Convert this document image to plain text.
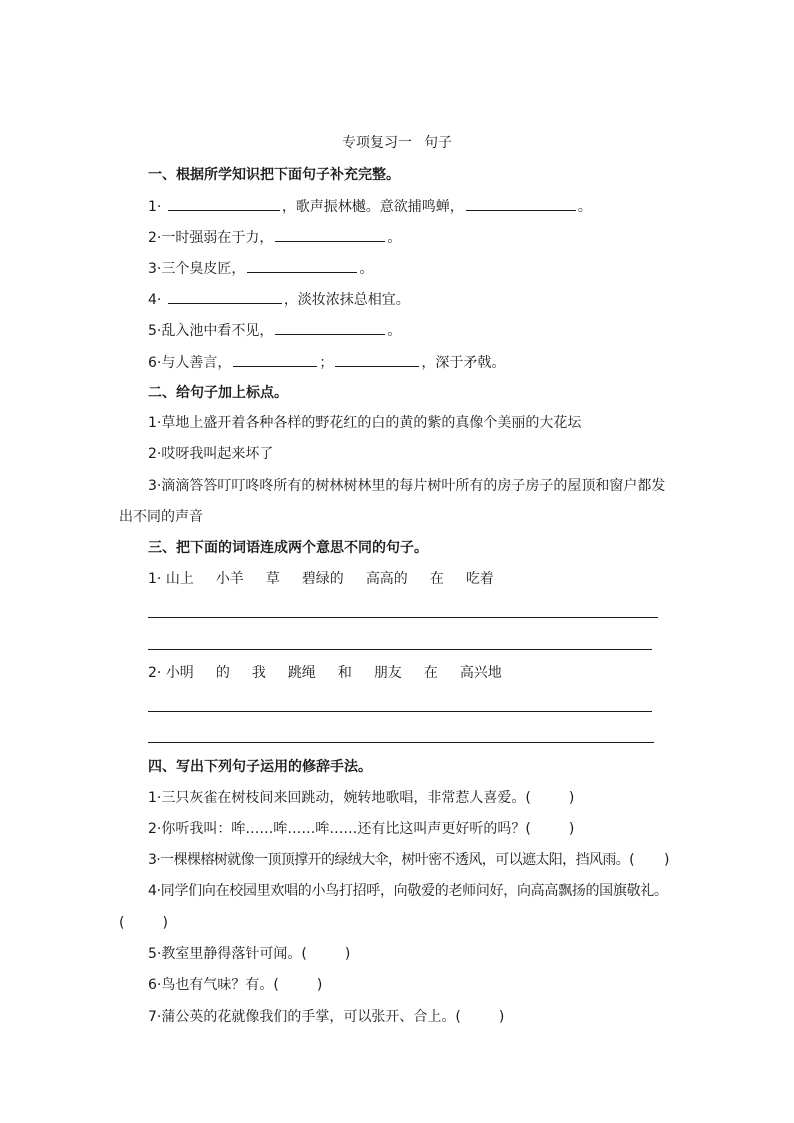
专项复习一 句子
一、根据所学知识把下面句子补充完整。
1·	，歌声振林樾。意欲捕鸣蝉，	。
2·一时强弱在于力，	。
3·三个臭皮匠，	。
4·	，淡妆浓抹总相宜。
5·乱入池中看不见，	。
6·与人善言，	；	，深于矛戟。
二、给句子加上标点。
1·草地上盛开着各种各样的野花红的白的黄的紫的真像个美丽的大花坛
2·哎呀我叫起来坏了
3·滴滴答答叮叮咚咚所有的树林树林里的每片树叶所有的房子房子的屋顶和窗户都发
出不同的声音
三、把下面的词语连成两个意思不同的句子。
1· 山上 小羊 草 碧绿的 高高的 在 吃着
2· 小明 的 我 跳绳 和 朋友 在 高兴地
四、写出下列句子运用的修辞手法。
1·三只灰雀在树枝间来回跳动，婉转地歌唱，非常惹人喜爱。(	)
2·你听我叫：哞……哞……哞……还有比这叫声更好听的吗？(	)
3·一棵棵榕树就像一顶顶撑开的绿绒大伞，树叶密不透风，可以遮太阳，挡风雨。( )
4·同学们向在校园里欢唱的小鸟打招呼，向敬爱的老师问好，向高高飘扬的国旗敬礼。
(	)
5·教室里静得落针可闻。(	)
6·鸟也有气味？有。(	)
7·蒲公英的花就像我们的手掌，可以张开、合上。(	)
